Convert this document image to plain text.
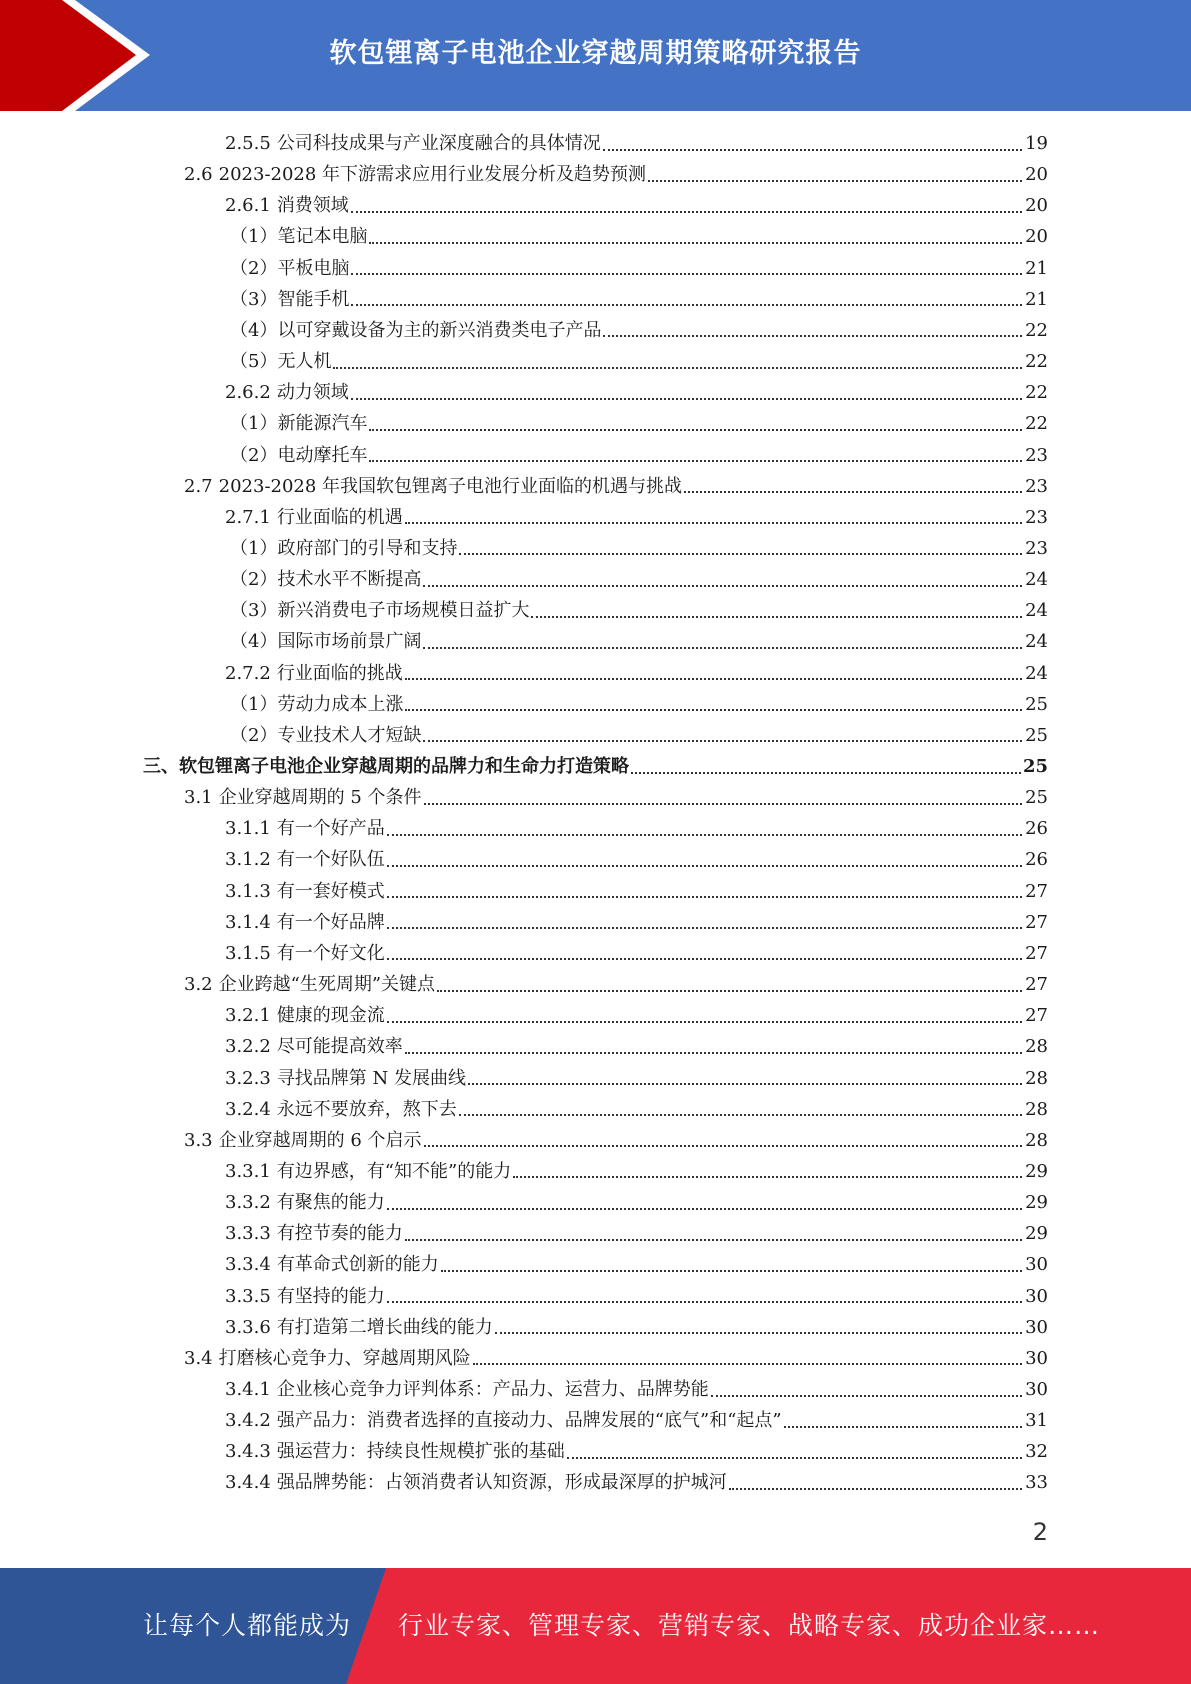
软包锂离子电池企业穿越周期策略研究报告
2.5.5 公司科技成果与产业深度融合的具体情况	19
2.6 2023-2028 年下游需求应用行业发展分析及趋势预测	20
2.6.1 消费领域	20
（1） 笔记本电脑	20
（2） 平板电脑	21
（3） 智能手机	21
（4） 以可穿戴设备为主的新兴消费类电子产品	22
（5） 无人机	22
2.6.2 动力领域	22
（1） 新能源汽车	22
（2） 电动摩托车	23
2.7 2023-2028 年我国软包锂离子电池行业面临的机遇与挑战	23
2.7.1 行业面临的机遇	23
（1） 政府部门的引导和支持	23
（2） 技术水平不断提高	24
（3） 新兴消费电子市场规模日益扩大	24
（4） 国际市场前景广阔	24
2.7.2 行业面临的挑战	24
（1） 劳动力成本上涨	25
（2） 专业技术人才短缺	25
三、 软包锂离子电池企业穿越周期的品牌力和生命力打造策略	25
3.1 企业穿越周期的 5 个条件	25
3.1.1 有一个好产品	26
3.1.2 有一个好队伍	26
3.1.3 有一套好模式	27
3.1.4 有一个好品牌	27
3.1.5 有一个好文化	27
3.2 企业跨越“生死周期”关键点	27
3.2.1 健康的现金流	27
3.2.2 尽可能提高效率	28
3.2.3 寻找品牌第 N 发展曲线	28
3.2.4 永远不要放弃，熬下去	28
3.3 企业穿越周期的 6 个启示	28
3.3.1 有边界感，有“知不能”的能力	29
3.3.2 有聚焦的能力	29
3.3.3 有控节奏的能力	29
3.3.4 有革命式创新的能力	30
3.3.5 有坚持的能力	30
3.3.6 有打造第二增长曲线的能力	30
3.4 打磨核心竞争力、穿越周期风险	30
3.4.1 企业核心竞争力评判体系：产品力、运营力、品牌势能	30
3.4.2 强产品力：消费者选择的直接动力、品牌发展的“底气”和“起点”	31
3.4.3 强运营力：持续良性规模扩张的基础	32
3.4.4 强品牌势能：占领消费者认知资源，形成最深厚的护城河	33
2
让每个人都能成为 行业专家、管理专家、营销专家、战略专家、成功企业家……
